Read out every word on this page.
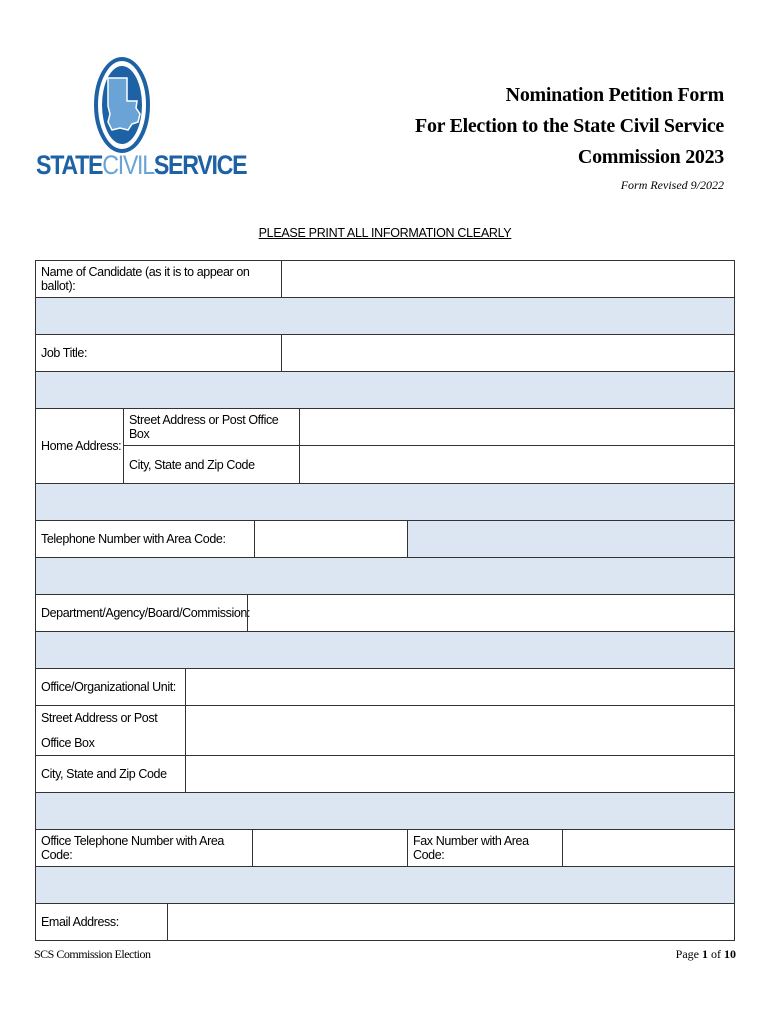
STATECIVILSERVICE
Nomination Petition Form
For Election to the State Civil Service
Commission 2023
Form Revised 9/2022
PLEASE PRINT ALL INFORMATION CLEARLY
Name of Candidate (as it is to appear on ballot):
Job Title:
Home Address:
Street Address or Post Office Box
City, State and Zip Code
Telephone Number with Area Code:
Department/Agency/Board/Commission:
Office/Organizational Unit:
Street Address or Post
Office Box
City, State and Zip Code
Office Telephone Number with Area Code:
Fax Number with Area Code:
Email Address:
SCS Commission Election	Page 1 of 10
